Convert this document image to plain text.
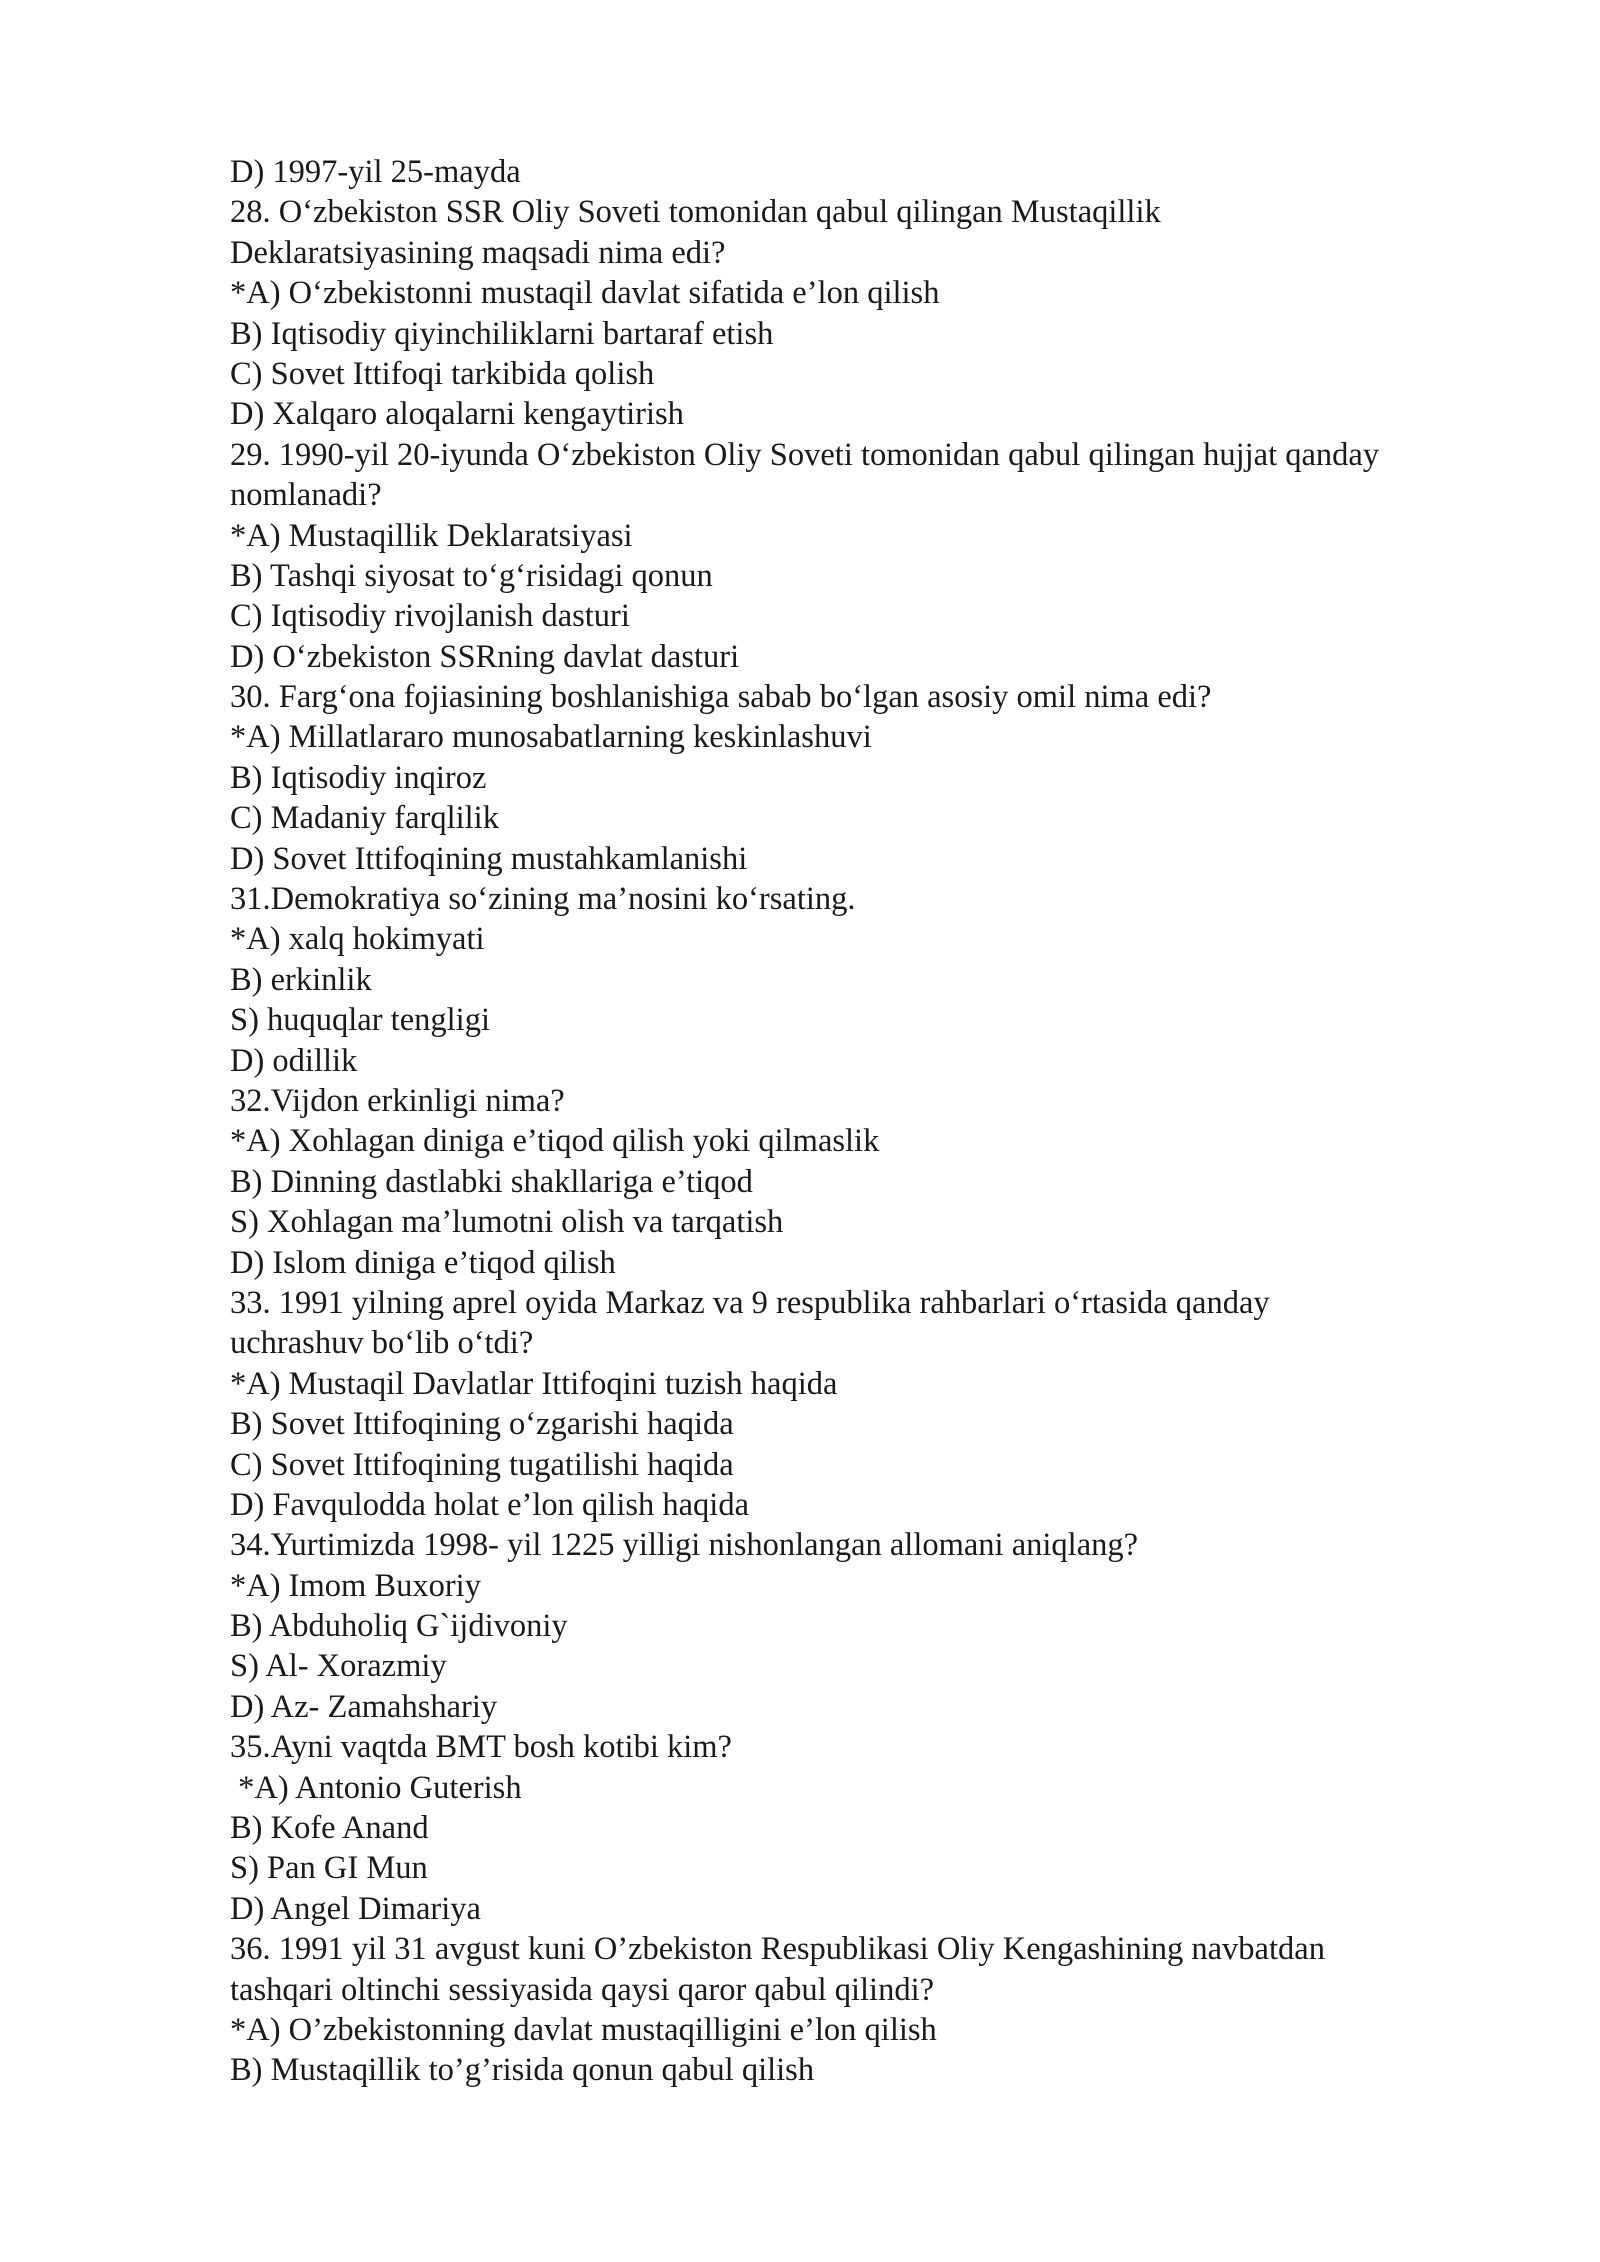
D) 1997-yil 25-mayda
28. O‘zbekiston SSR Oliy Soveti tomonidan qabul qilingan Mustaqillik
Deklaratsiyasining maqsadi nima edi?
*A) O‘zbekistonni mustaqil davlat sifatida e’lon qilish
B) Iqtisodiy qiyinchiliklarni bartaraf etish
C) Sovet Ittifoqi tarkibida qolish
D) Xalqaro aloqalarni kengaytirish
29. 1990-yil 20-iyunda O‘zbekiston Oliy Soveti tomonidan qabul qilingan hujjat qanday
nomlanadi?
*A) Mustaqillik Deklaratsiyasi
B) Tashqi siyosat to‘g‘risidagi qonun
C) Iqtisodiy rivojlanish dasturi
D) O‘zbekiston SSRning davlat dasturi
30. Farg‘ona fojiasining boshlanishiga sabab bo‘lgan asosiy omil nima edi?
*A) Millatlararo munosabatlarning keskinlashuvi
B) Iqtisodiy inqiroz
C) Madaniy farqlilik
D) Sovet Ittifoqining mustahkamlanishi
31.Demokratiya so‘zining ma’nosini ko‘rsating.
*A) xalq hokimyati
B) erkinlik
S) huquqlar tengligi
D) odillik
32.Vijdon erkinligi nima?
*A) Xohlagan diniga e’tiqod qilish yoki qilmaslik
B) Dinning dastlabki shakllariga e’tiqod
S) Xohlagan ma’lumotni olish va tarqatish
D) Islom diniga e’tiqod qilish
33. 1991 yilning aprel oyida Markaz va 9 respublika rahbarlari o‘rtasida qanday
uchrashuv bo‘lib o‘tdi?
*A) Mustaqil Davlatlar Ittifoqini tuzish haqida
B) Sovet Ittifoqining o‘zgarishi haqida
C) Sovet Ittifoqining tugatilishi haqida
D) Favqulodda holat e’lon qilish haqida
34.Yurtimizda 1998- yil 1225 yilligi nishonlangan allomani aniqlang?
*A) Imom Buxoriy
B) Abduholiq G`ijdivoniy
S) Al- Xorazmiy
D) Az- Zamahshariy
35.Ayni vaqtda BMT bosh kotibi kim?
*A) Antonio Guterish
B) Kofe Anand
S) Pan GI Mun
D) Angel Dimariya
36. 1991 yil 31 avgust kuni O’zbekiston Respublikasi Oliy Kengashining navbatdan
tashqari oltinchi sessiyasida qaysi qaror qabul qilindi?
*A) O’zbekistonning davlat mustaqilligini e’lon qilish
B) Mustaqillik to’g’risida qonun qabul qilish
